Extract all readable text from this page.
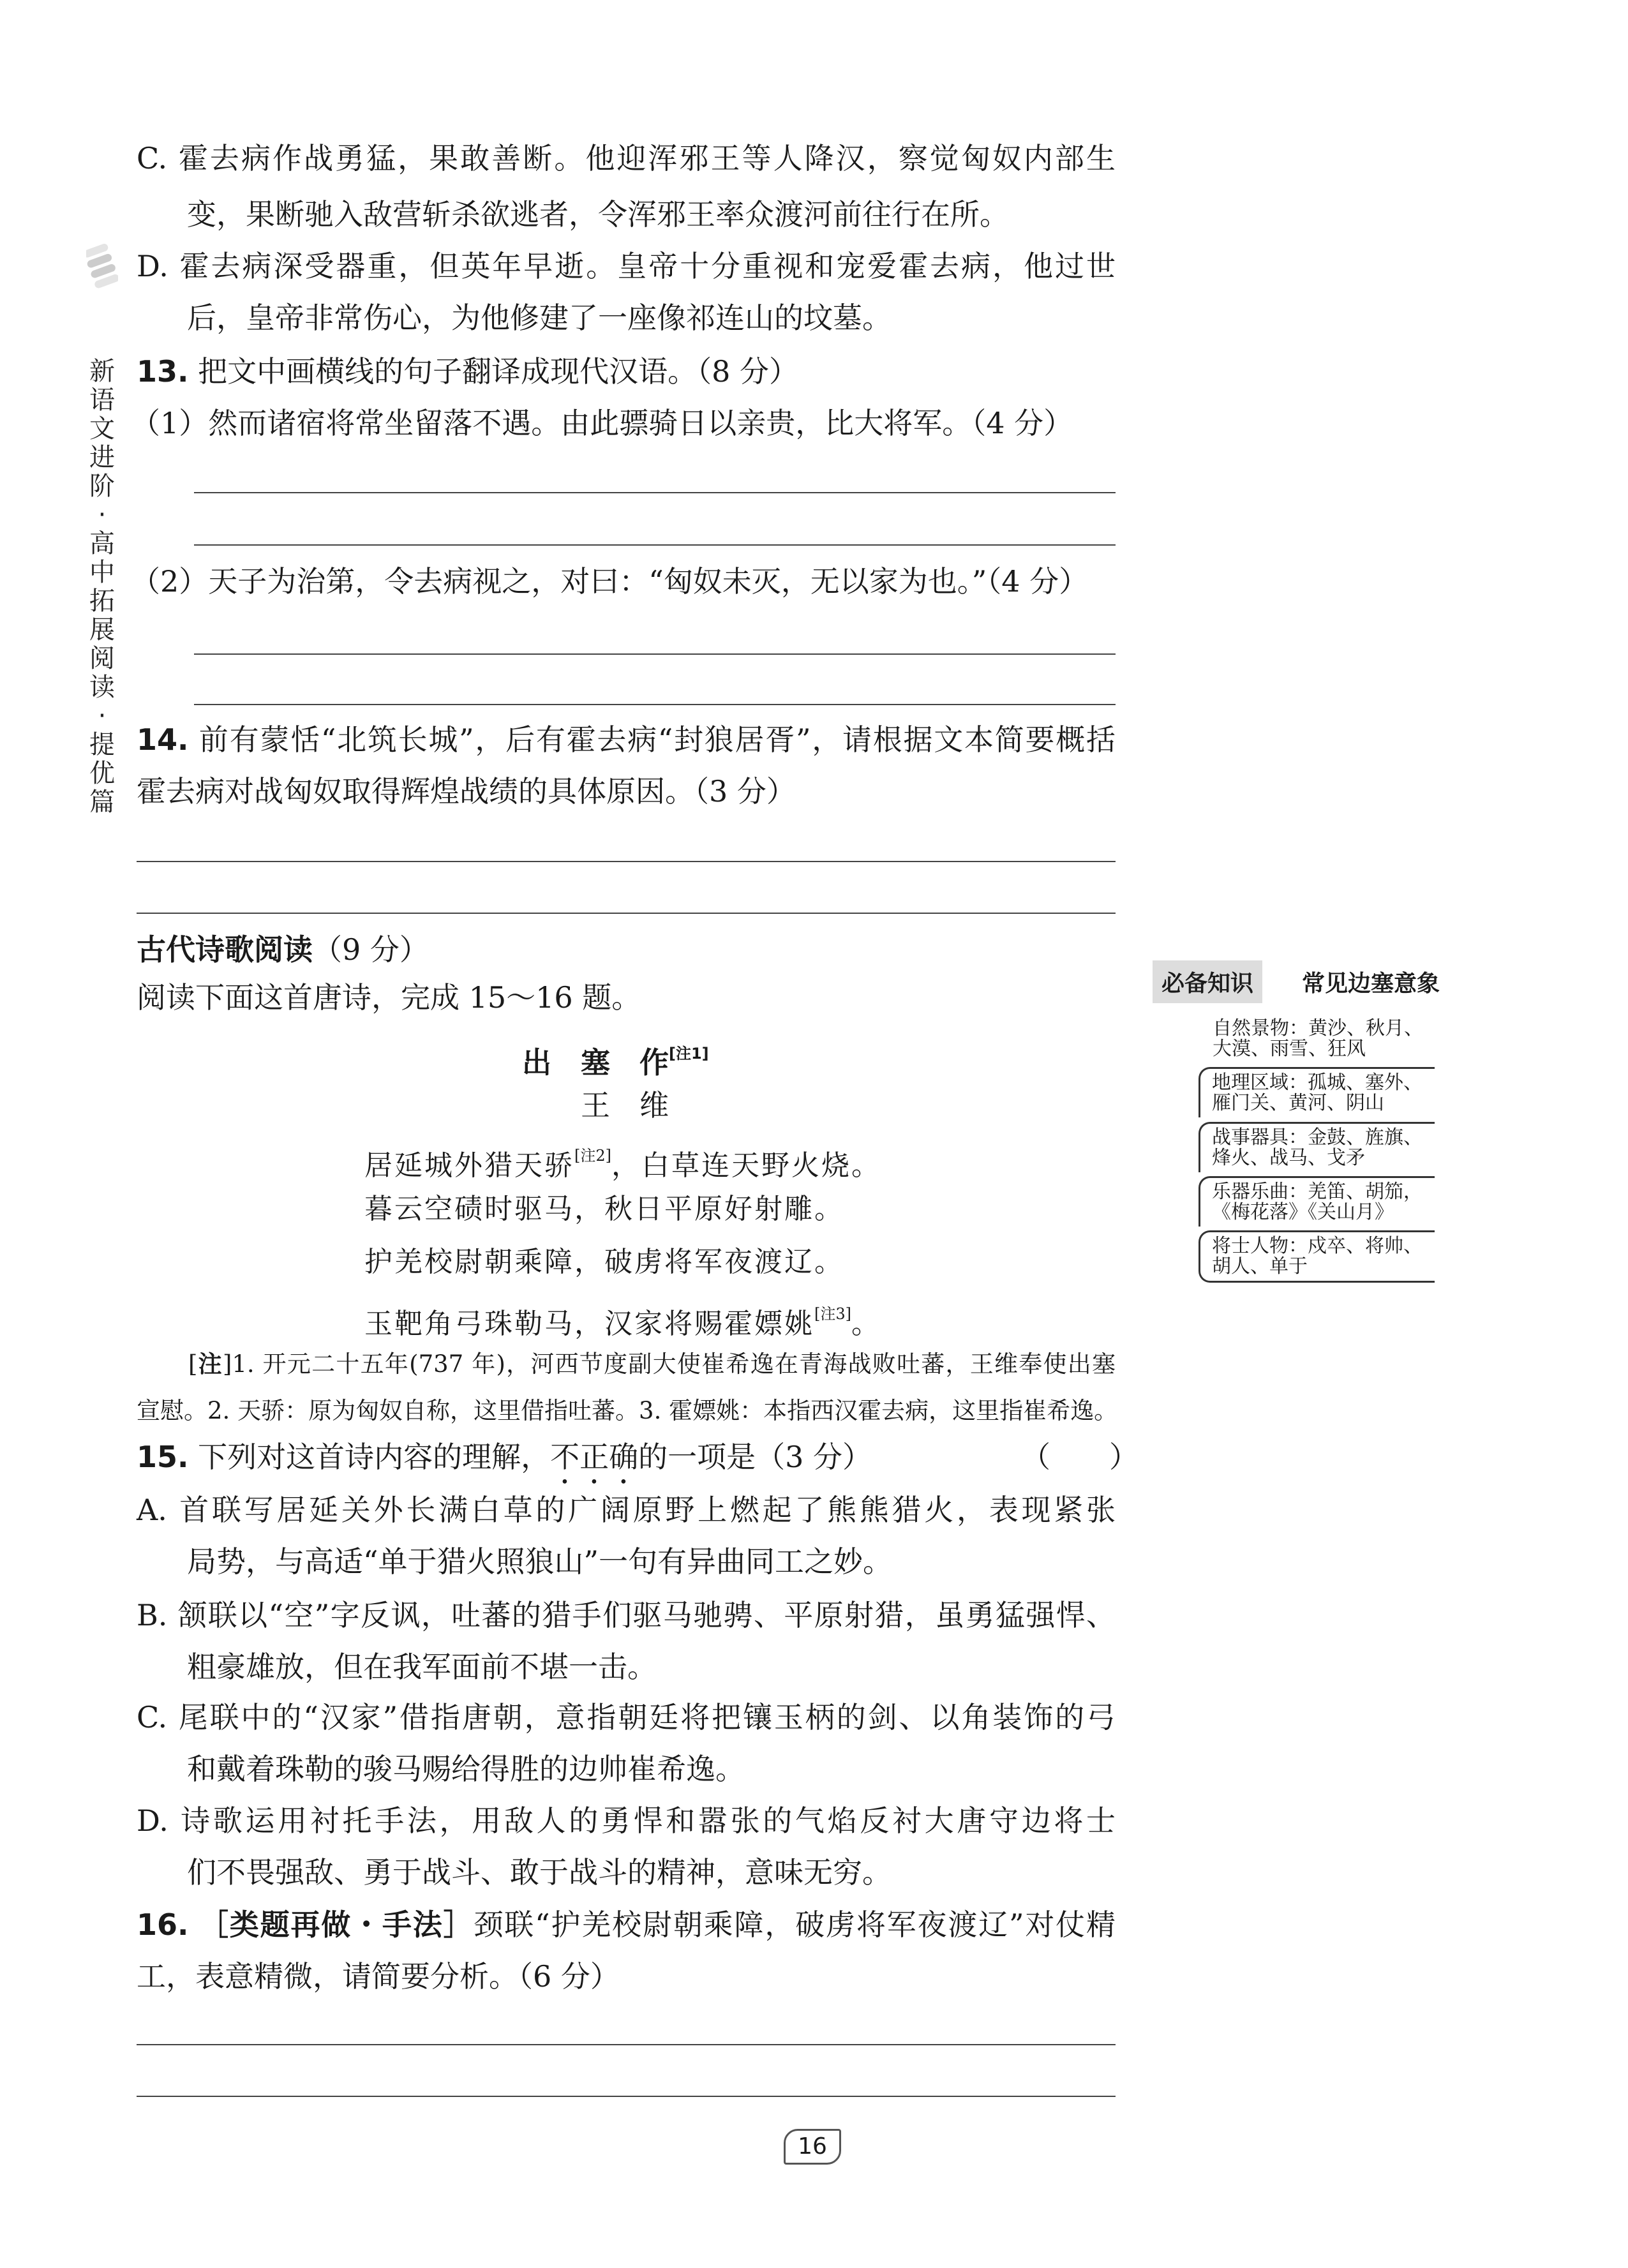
新
语
文
进
阶
·
高
中
拓
展
阅
读
·
提
优
篇
C. 霍去病作战勇猛，果敢善断。他迎浑邪王等人降汉，察觉匈奴内部生
变，果断驰入敌营斩杀欲逃者，令浑邪王率众渡河前往行在所。
D. 霍去病深受器重，但英年早逝。皇帝十分重视和宠爱霍去病，他过世
后，皇帝非常伤心，为他修建了一座像祁连山的坟墓。
13. 把文中画横线的句子翻译成现代汉语。（8 分）
（1）然而诸宿将常坐留落不遇。由此骠骑日以亲贵，比大将军。（4 分）
（2）天子为治第，令去病视之，对曰：“匈奴未灭，无以家为也。”（4 分）
14. 前有蒙恬“北筑长城”，后有霍去病“封狼居胥”，请根据文本简要概括
霍去病对战匈奴取得辉煌战绩的具体原因。（3 分）
古代诗歌阅读（9 分）
阅读下面这首唐诗，完成 15～16 题。
出　塞　作[注1]
王　维
居延城外猎天骄[注2]，白草连天野火烧。
暮云空碛时驱马，秋日平原好射雕。
护羌校尉朝乘障，破虏将军夜渡辽。
玉靶角弓珠勒马，汉家将赐霍嫖姚[注3]。
[注]1. 开元二十五年(737 年)，河西节度副大使崔希逸在青海战败吐蕃，王维奉使出塞
宣慰。2. 天骄：原为匈奴自称，这里借指吐蕃。3. 霍嫖姚：本指西汉霍去病，这里指崔希逸。
15. 下列对这首诗内容的理解，不正确的一项是（3 分）	（　　）
A. 首联写居延关外长满白草的广阔原野上燃起了熊熊猎火，表现紧张
局势，与高适“单于猎火照狼山”一句有异曲同工之妙。
B. 颔联以“空”字反讽，吐蕃的猎手们驱马驰骋、平原射猎，虽勇猛强悍、
粗豪雄放，但在我军面前不堪一击。
C. 尾联中的“汉家”借指唐朝，意指朝廷将把镶玉柄的剑、以角装饰的弓
和戴着珠勒的骏马赐给得胜的边帅崔希逸。
D. 诗歌运用衬托手法，用敌人的勇悍和嚣张的气焰反衬大唐守边将士
们不畏强敌、勇于战斗、敢于战斗的精神，意味无穷。
16. ［类题再做・手法］颈联“护羌校尉朝乘障，破虏将军夜渡辽”对仗精
工，表意精微，请简要分析。（6 分）
必备知识	常见边塞意象
自然景物：黄沙、秋月、
大漠、雨雪、狂风
地理区域：孤城、塞外、
雁门关、黄河、阴山
战事器具：金鼓、旌旗、
烽火、战马、戈矛
乐器乐曲：羌笛、胡笳，
《梅花落》《关山月》
将士人物：戍卒、将帅、
胡人、单于
16
